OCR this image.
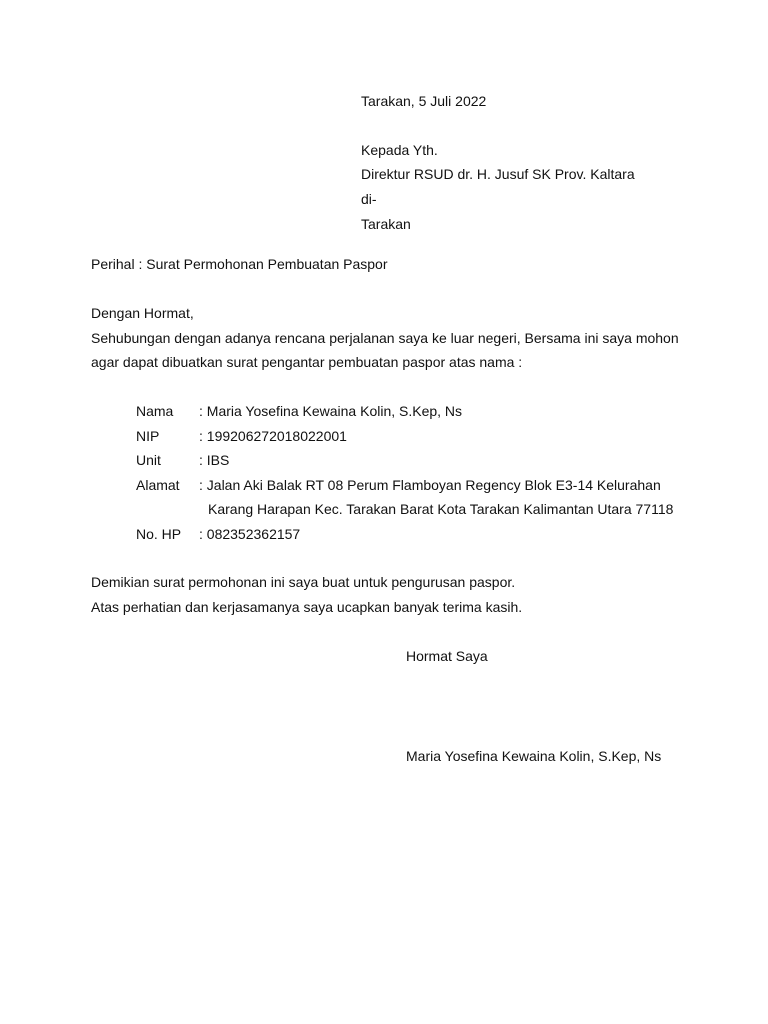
Tarakan, 5 Juli 2022
Kepada Yth.
Direktur RSUD dr. H. Jusuf SK Prov. Kaltara
di-
Tarakan
Perihal : Surat Permohonan Pembuatan Paspor
Dengan Hormat,
Sehubungan dengan adanya rencana perjalanan saya ke luar negeri, Bersama ini saya mohon
agar dapat dibuatkan surat pengantar pembuatan paspor atas nama :
Nama : Maria Yosefina Kewaina Kolin, S.Kep, Ns
NIP	: 199206272018022001
Unit	: IBS
Alamat : Jalan Aki Balak RT 08 Perum Flamboyan Regency Blok E3-14 Kelurahan
Karang Harapan Kec. Tarakan Barat Kota Tarakan Kalimantan Utara 77118
No. HP : 082352362157
Demikian surat permohonan ini saya buat untuk pengurusan paspor.
Atas perhatian dan kerjasamanya saya ucapkan banyak terima kasih.
Hormat Saya
Maria Yosefina Kewaina Kolin, S.Kep, Ns
